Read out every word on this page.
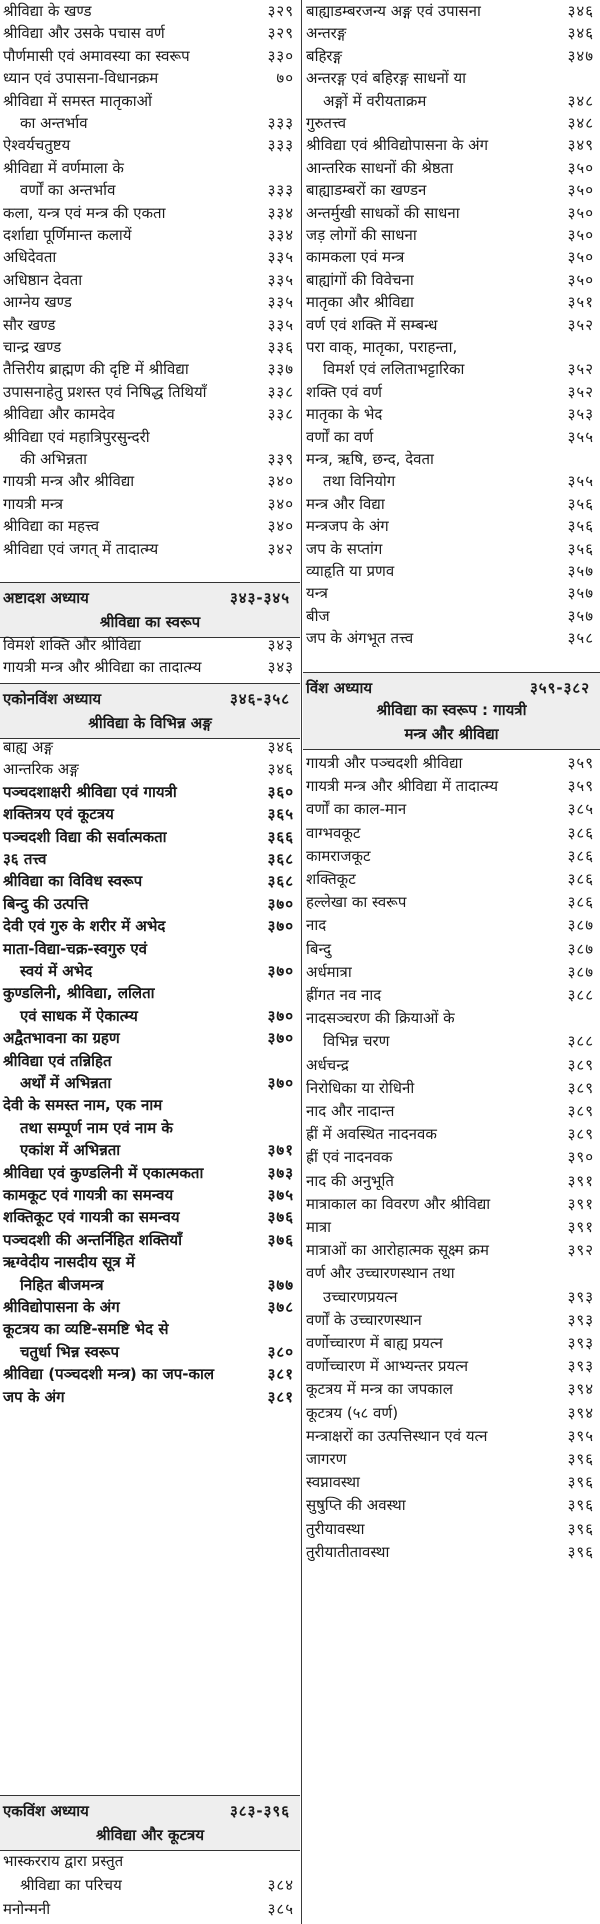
श्रीविद्या के खण्ड	३२९
श्रीविद्या और उसके पचास वर्ण	३२९
पौर्णमासी एवं अमावस्या का स्वरूप	३३०
ध्यान एवं उपासना-विधानक्रम	७०
श्रीविद्या में समस्त मातृकाओं
का अन्तर्भाव	३३३
ऐश्वर्यचतुष्टय	३३३
श्रीविद्या में वर्णमाला के
वर्णों का अन्तर्भाव	३३३
कला, यन्त्र एवं मन्त्र की एकता	३३४
दर्शाद्या पूर्णिमान्त कलायें	३३४
अधिदेवता	३३५
अधिष्ठान देवता	३३५
आग्नेय खण्ड	३३५
सौर खण्ड	३३५
चान्द्र खण्ड	३३६
तैत्तिरीय ब्राह्मण की दृष्टि में श्रीविद्या	३३७
उपासनाहेतु प्रशस्त एवं निषिद्ध तिथियाँ	३३८
श्रीविद्या और कामदेव	३३८
श्रीविद्या एवं महात्रिपुरसुन्दरी
की अभिन्नता	३३९
गायत्री मन्त्र और श्रीविद्या	३४०
गायत्री मन्त्र	३४०
श्रीविद्या का महत्त्व	३४०
श्रीविद्या एवं जगत् में तादात्म्य	३४२
अष्टादश अध्याय	३४३-३४५
श्रीविद्या का स्वरूप
विमर्श शक्ति और श्रीविद्या	३४३
गायत्री मन्त्र और श्रीविद्या का तादात्म्य	३४३
एकोनविंश अध्याय	३४६-३५८
श्रीविद्या के विभिन्न अङ्ग
बाह्य अङ्ग	३४६
आन्तरिक अङ्ग	३४६
पञ्चदशाक्षरी श्रीविद्या एवं गायत्री	३६०
शक्तित्रय एवं कूटत्रय	३६५
पञ्चदशी विद्या की सर्वात्मकता	३६६
३६ तत्त्व	३६८
श्रीविद्या का विविध स्वरूप	३६८
बिन्दु की उत्पत्ति	३७०
देवी एवं गुरु के शरीर में अभेद	३७०
माता-विद्या-चक्र-स्वगुरु एवं
स्वयं में अभेद	३७०
कुण्डलिनी, श्रीविद्या, ललिता
एवं साधक में ऐकात्म्य	३७०
अद्वैतभावना का ग्रहण	३७०
श्रीविद्या एवं तन्निहित
अर्थों में अभिन्नता	३७०
देवी के समस्त नाम, एक नाम
तथा सम्पूर्ण नाम एवं नाम के
एकांश में अभिन्नता	३७१
श्रीविद्या एवं कुण्डलिनी में एकात्मकता	३७३
कामकूट एवं गायत्री का समन्वय	३७५
शक्तिकूट एवं गायत्री का समन्वय	३७६
पञ्चदशी की अन्तर्निहित शक्तियाँ	३७६
ऋग्वेदीय नासदीय सूत्र में
निहित बीजमन्त्र	३७७
श्रीविद्योपासना के अंग	३७८
कूटत्रय का व्यष्टि-समष्टि भेद से
चतुर्धा भिन्न स्वरूप	३८०
श्रीविद्या (पञ्चदशी मन्त्र) का जप-काल	३८१
जप के अंग	३८१
एकविंश अध्याय	३८३-३९६
श्रीविद्या और कूटत्रय
भास्करराय द्वारा प्रस्तुत
श्रीविद्या का परिचय	३८४
मनोन्मनी	३८५
बाह्याडम्बरजन्य अङ्ग एवं उपासना	३४६
अन्तरङ्ग	३४६
बहिरङ्ग	३४७
अन्तरङ्ग एवं बहिरङ्ग साधनों या
अङ्गों में वरीयताक्रम	३४८
गुरुतत्त्व	३४८
श्रीविद्या एवं श्रीविद्योपासना के अंग	३४९
आन्तरिक साधनों की श्रेष्ठता	३५०
बाह्याडम्बरों का खण्डन	३५०
अन्तर्मुखी साधकों की साधना	३५०
जड़ लोगों की साधना	३५०
कामकला एवं मन्त्र	३५०
बाह्यांगों की विवेचना	३५०
मातृका और श्रीविद्या	३५१
वर्ण एवं शक्ति में सम्बन्ध	३५२
परा वाक्, मातृका, पराहन्ता,
विमर्श एवं ललिताभट्टारिका	३५२
शक्ति एवं वर्ण	३५२
मातृका के भेद	३५३
वर्णों का वर्ण	३५५
मन्त्र, ऋषि, छन्द, देवता
तथा विनियोग	३५५
मन्त्र और विद्या	३५६
मन्त्रजप के अंग	३५६
जप के सप्तांग	३५६
व्याहृति या प्रणव	३५७
यन्त्र	३५७
बीज	३५७
जप के अंगभूत तत्त्व	३५८
विंश अध्याय	३५९-३८२
श्रीविद्या का स्वरूप : गायत्री
मन्त्र और श्रीविद्या
गायत्री और पञ्चदशी श्रीविद्या	३५९
गायत्री मन्त्र और श्रीविद्या में तादात्म्य	३५९
वर्णों का काल-मान	३८५
वाग्भवकूट	३८६
कामराजकूट	३८६
शक्तिकूट	३८६
हल्लेखा का स्वरूप	३८६
नाद	३८७
बिन्दु	३८७
अर्धमात्रा	३८७
ह्रींगत नव नाद	३८८
नादसञ्चरण की क्रियाओं के
विभिन्न चरण	३८८
अर्धचन्द्र	३८९
निरोधिका या रोधिनी	३८९
नाद और नादान्त	३८९
ह्रीं में अवस्थित नादनवक	३८९
ह्रीं एवं नादनवक	३९०
नाद की अनुभूति	३९१
मात्राकाल का विवरण और श्रीविद्या	३९१
मात्रा	३९१
मात्राओं का आरोहात्मक सूक्ष्म क्रम	३९२
वर्ण और उच्चारणस्थान तथा
उच्चारणप्रयत्न	३९३
वर्णों के उच्चारणस्थान	३९३
वर्णोच्चारण में बाह्य प्रयत्न	३९३
वर्णोच्चारण में आभ्यन्तर प्रयत्न	३९३
कूटत्रय में मन्त्र का जपकाल	३९४
कूटत्रय (५८ वर्ण)	३९४
मन्त्राक्षरों का उत्पत्तिस्थान एवं यत्न	३९५
जागरण	३९६
स्वप्नावस्था	३९६
सुषुप्ति की अवस्था	३९६
तुरीयावस्था	३९६
तुरीयातीतावस्था	३९६
